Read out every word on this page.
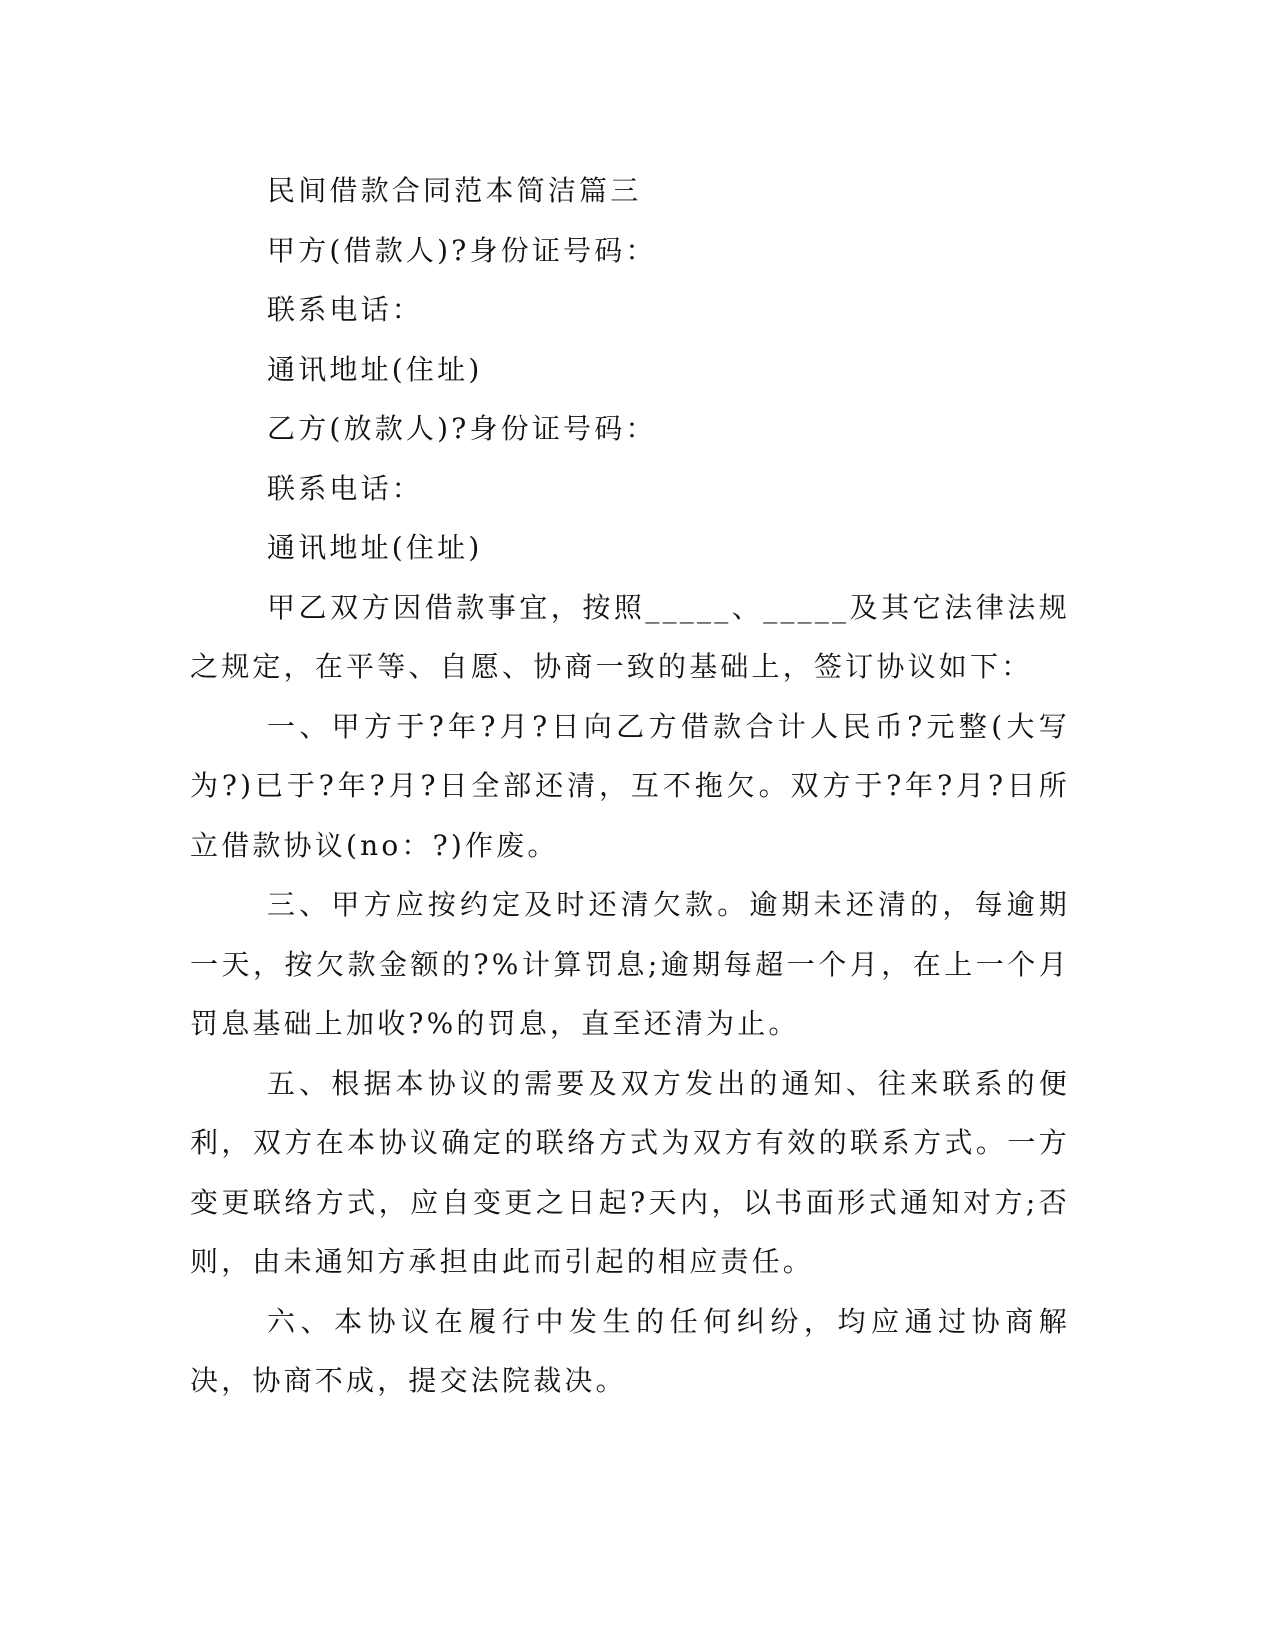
民间借款合同范本简洁篇三

甲方(借款人)?身份证号码：

联系电话：

通讯地址(住址)

乙方(放款人)?身份证号码：

联系电话：

通讯地址(住址)

甲乙双方因借款事宜，按照_____、_____及其它法律法规之规定，在平等、自愿、协商一致的基础上，签订协议如下：

一、甲方于?年?月?日向乙方借款合计人民币?元整(大写为?)已于?年?月?日全部还清，互不拖欠。双方于?年?月?日所立借款协议(no：?)作废。

三、甲方应按约定及时还清欠款。逾期未还清的，每逾期一天，按欠款金额的?%计算罚息;逾期每超一个月，在上一个月罚息基础上加收?%的罚息，直至还清为止。

五、根据本协议的需要及双方发出的通知、往来联系的便利，双方在本协议确定的联络方式为双方有效的联系方式。一方变更联络方式，应自变更之日起?天内，以书面形式通知对方;否则，由未通知方承担由此而引起的相应责任。

六、本协议在履行中发生的任何纠纷，均应通过协商解决，协商不成，提交法院裁决。
